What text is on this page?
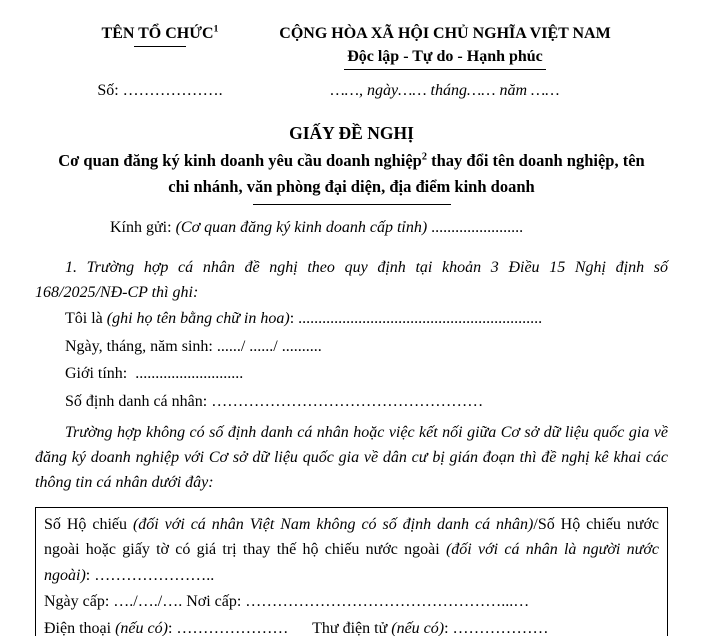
TÊN TỔ CHỨC$^1$	CỘNG HÒA XÃ HỘI CHỦ NGHĨA VIỆT NAM
Độc lập - Tự do - Hạnh phúc
Số: ……………….	……, ngày…… tháng…… năm ……
GIẤY ĐỀ NGHỊ
Cơ quan đăng ký kinh doanh yêu cầu doanh nghiệp$^2$ thay đổi tên doanh nghiệp, tên chi nhánh, văn phòng đại diện, địa điểm kinh doanh

Kính gửi: (Cơ quan đăng ký kinh doanh cấp tỉnh) .......................

1. Trường hợp cá nhân đề nghị theo quy định tại khoản 3 Điều 15 Nghị định số 168/2025/NĐ-CP thì ghi:

Tôi là (ghi họ tên bằng chữ in hoa): .............................................................

Ngày, tháng, năm sinh: ....../ ....../ ..........

Giới tính:  ...........................

Số định danh cá nhân: ……………………………………………

Trường hợp không có số định danh cá nhân hoặc việc kết nối giữa Cơ sở dữ liệu quốc gia về đăng ký doanh nghiệp với Cơ sở dữ liệu quốc gia về dân cư bị gián đoạn thì đề nghị kê khai các thông tin cá nhân dưới đây:

Số Hộ chiếu (đối với cá nhân Việt Nam không có số định danh cá nhân)/Số Hộ chiếu nước ngoài hoặc giấy tờ có giá trị thay thế hộ chiếu nước ngoài (đối với cá nhân là người nước ngoài): …………………..

Ngày cấp: …./…./…. Nơi cấp: …………………………………………...…

Điện thoại (nếu có): ………………… Thư điện tử (nếu có): ………………
